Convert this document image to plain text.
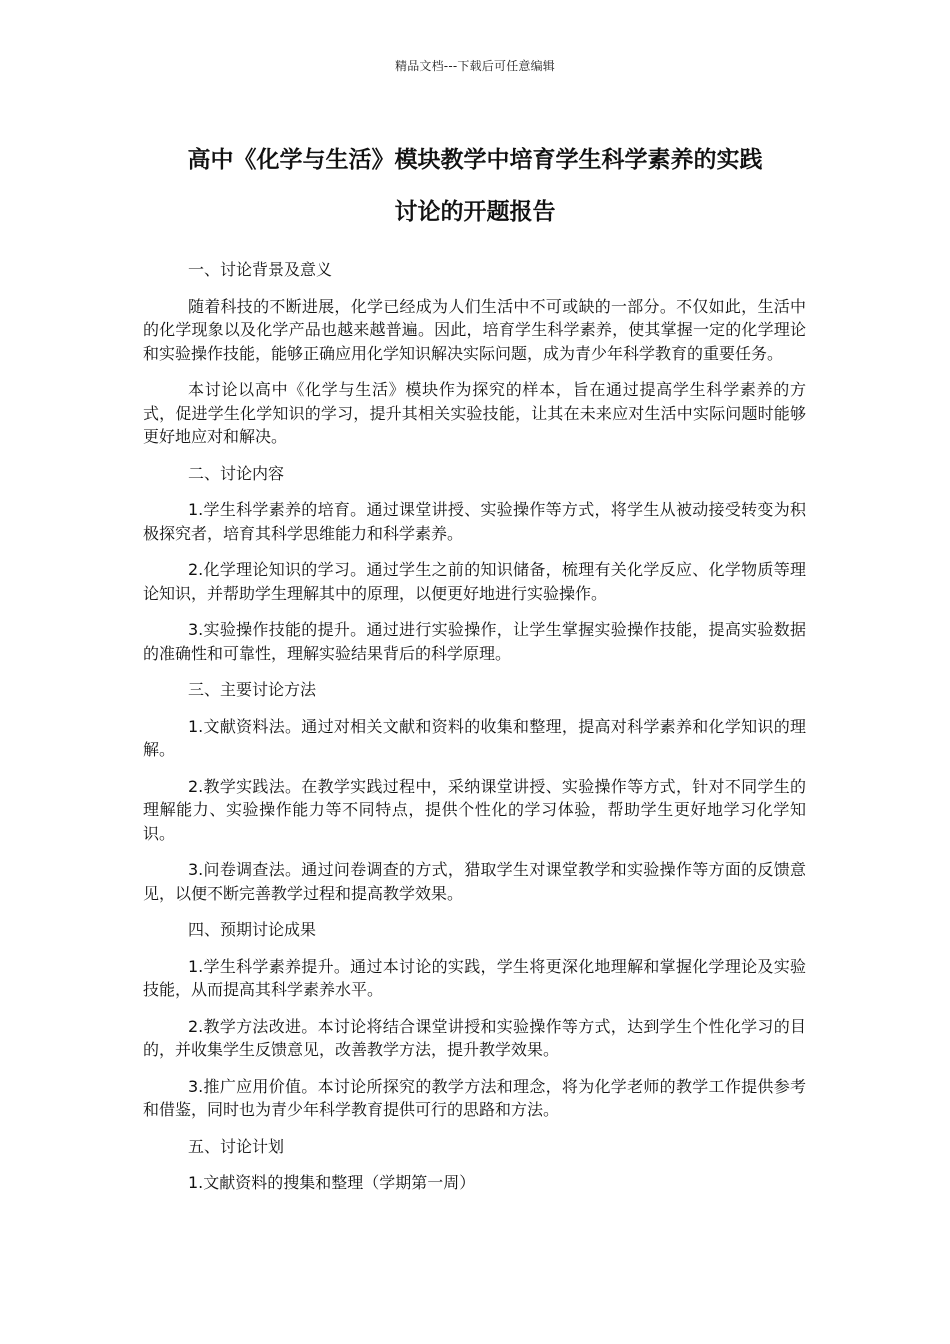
精品文档---下载后可任意编辑
高中《化学与生活》模块教学中培育学生科学素养的实践
讨论的开题报告

一、讨论背景及意义

随着科技的不断进展，化学已经成为人们生活中不可或缺的一部分。不仅如此，生活中的化学现象以及化学产品也越来越普遍。因此，培育学生科学素养，使其掌握一定的化学理论和实验操作技能，能够正确应用化学知识解决实际问题，成为青少年科学教育的重要任务。

本讨论以高中《化学与生活》模块作为探究的样本，旨在通过提高学生科学素养的方式，促进学生化学知识的学习，提升其相关实验技能，让其在未来应对生活中实际问题时能够更好地应对和解决。

二、讨论内容

1.学生科学素养的培育。通过课堂讲授、实验操作等方式，将学生从被动接受转变为积极探究者，培育其科学思维能力和科学素养。

2.化学理论知识的学习。通过学生之前的知识储备，梳理有关化学反应、化学物质等理论知识，并帮助学生理解其中的原理，以便更好地进行实验操作。

3.实验操作技能的提升。通过进行实验操作，让学生掌握实验操作技能，提高实验数据的准确性和可靠性，理解实验结果背后的科学原理。

三、主要讨论方法

1.文献资料法。通过对相关文献和资料的收集和整理，提高对科学素养和化学知识的理解。

2.教学实践法。在教学实践过程中，采纳课堂讲授、实验操作等方式，针对不同学生的理解能力、实验操作能力等不同特点，提供个性化的学习体验，帮助学生更好地学习化学知识。

3.问卷调查法。通过问卷调查的方式，猎取学生对课堂教学和实验操作等方面的反馈意见，以便不断完善教学过程和提高教学效果。

四、预期讨论成果

1.学生科学素养提升。通过本讨论的实践，学生将更深化地理解和掌握化学理论及实验技能，从而提高其科学素养水平。

2.教学方法改进。本讨论将结合课堂讲授和实验操作等方式，达到学生个性化学习的目的，并收集学生反馈意见，改善教学方法，提升教学效果。

3.推广应用价值。本讨论所探究的教学方法和理念，将为化学老师的教学工作提供参考和借鉴，同时也为青少年科学教育提供可行的思路和方法。

五、讨论计划

1.文献资料的搜集和整理（学期第一周）
